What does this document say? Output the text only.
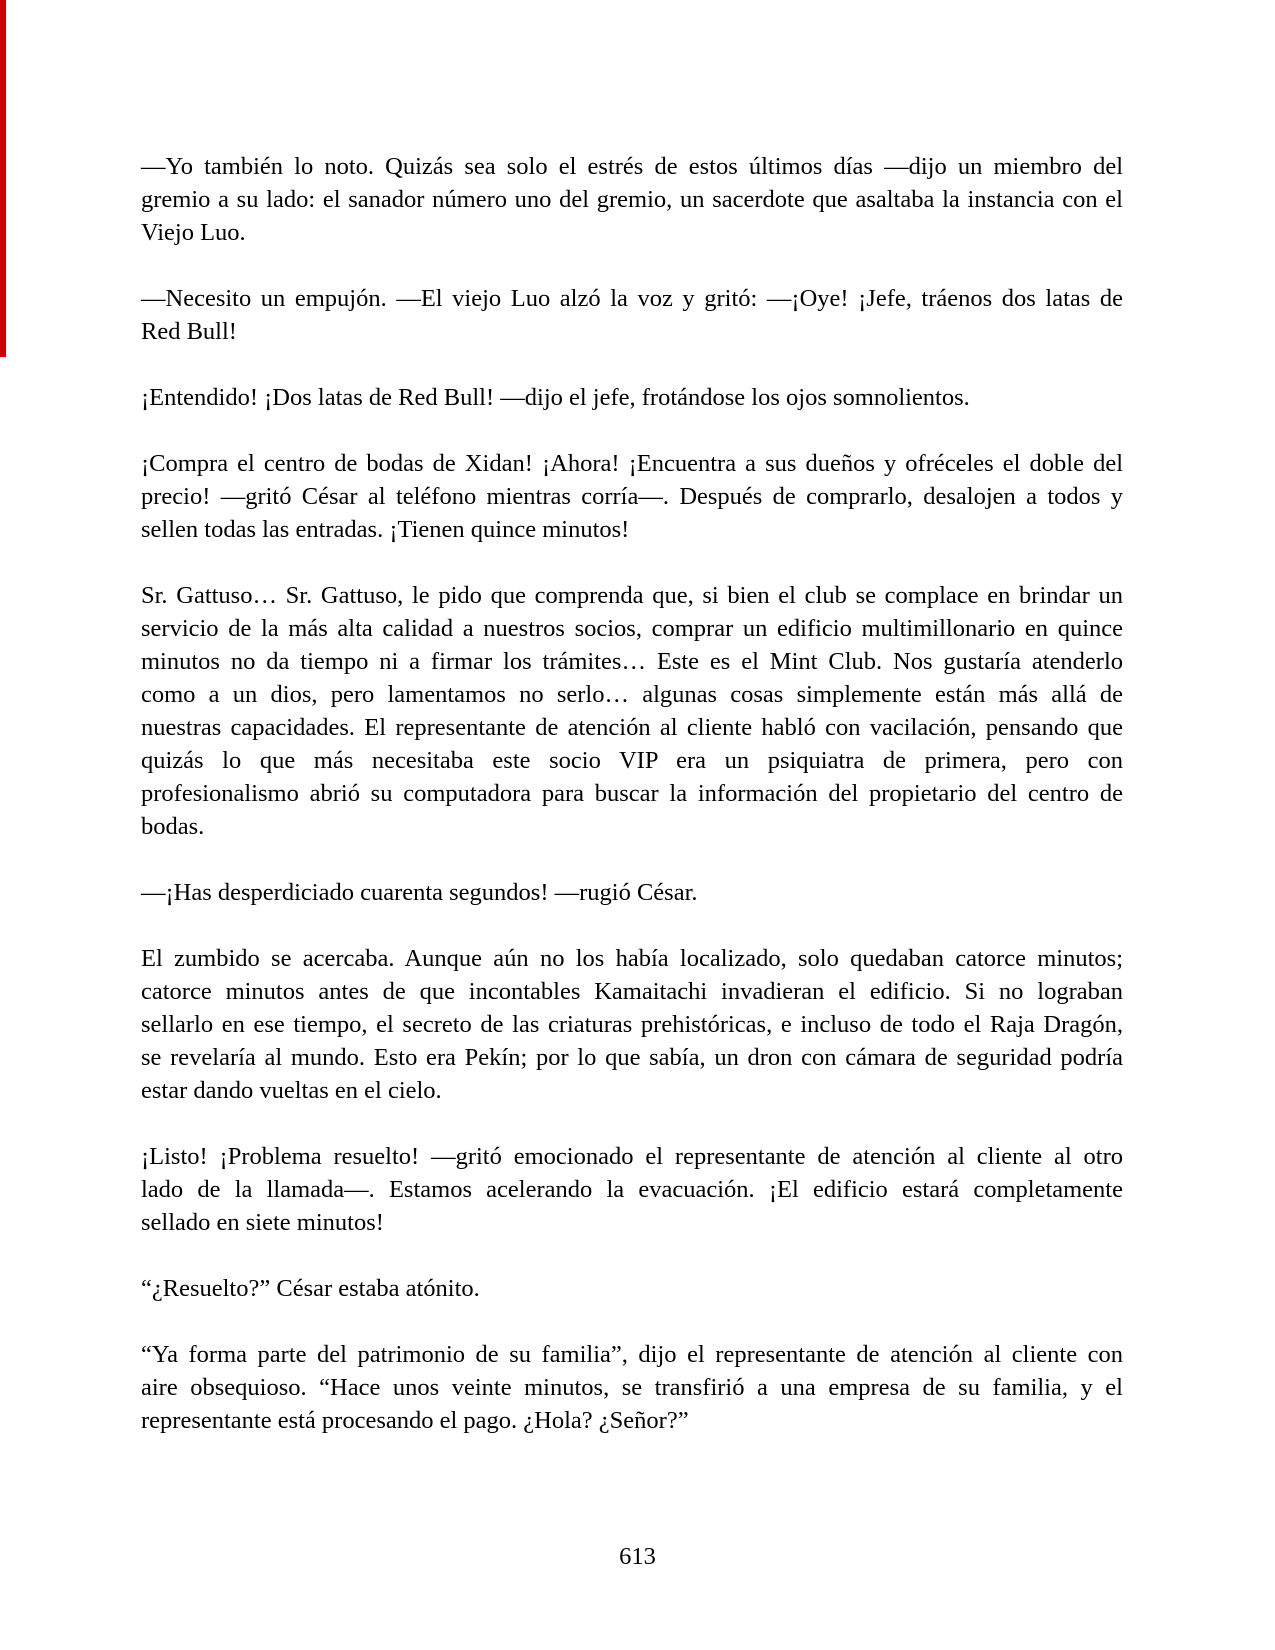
—Yo también lo noto. Quizás sea solo el estrés de estos últimos días —dijo un miembro del
gremio a su lado: el sanador número uno del gremio, un sacerdote que asaltaba la instancia con el
Viejo Luo.
—Necesito un empujón. —El viejo Luo alzó la voz y gritó: —¡Oye! ¡Jefe, tráenos dos latas de
Red Bull!
¡Entendido! ¡Dos latas de Red Bull! —dijo el jefe, frotándose los ojos somnolientos.
¡Compra el centro de bodas de Xidan! ¡Ahora! ¡Encuentra a sus dueños y ofréceles el doble del
precio! —gritó César al teléfono mientras corría—. Después de comprarlo, desalojen a todos y
sellen todas las entradas. ¡Tienen quince minutos!
Sr. Gattuso… Sr. Gattuso, le pido que comprenda que, si bien el club se complace en brindar un
servicio de la más alta calidad a nuestros socios, comprar un edificio multimillonario en quince
minutos no da tiempo ni a firmar los trámites… Este es el Mint Club. Nos gustaría atenderlo
como a un dios, pero lamentamos no serlo… algunas cosas simplemente están más allá de
nuestras capacidades. El representante de atención al cliente habló con vacilación, pensando que
quizás lo que más necesitaba este socio VIP era un psiquiatra de primera, pero con
profesionalismo abrió su computadora para buscar la información del propietario del centro de
bodas.
—¡Has desperdiciado cuarenta segundos! —rugió César.
El zumbido se acercaba. Aunque aún no los había localizado, solo quedaban catorce minutos;
catorce minutos antes de que incontables Kamaitachi invadieran el edificio. Si no lograban
sellarlo en ese tiempo, el secreto de las criaturas prehistóricas, e incluso de todo el Raja Dragón,
se revelaría al mundo. Esto era Pekín; por lo que sabía, un dron con cámara de seguridad podría
estar dando vueltas en el cielo.
¡Listo! ¡Problema resuelto! —gritó emocionado el representante de atención al cliente al otro
lado de la llamada—. Estamos acelerando la evacuación. ¡El edificio estará completamente
sellado en siete minutos!
“¿Resuelto?” César estaba atónito.
“Ya forma parte del patrimonio de su familia”, dijo el representante de atención al cliente con
aire obsequioso. “Hace unos veinte minutos, se transfirió a una empresa de su familia, y el
representante está procesando el pago. ¿Hola? ¿Señor?”
613
